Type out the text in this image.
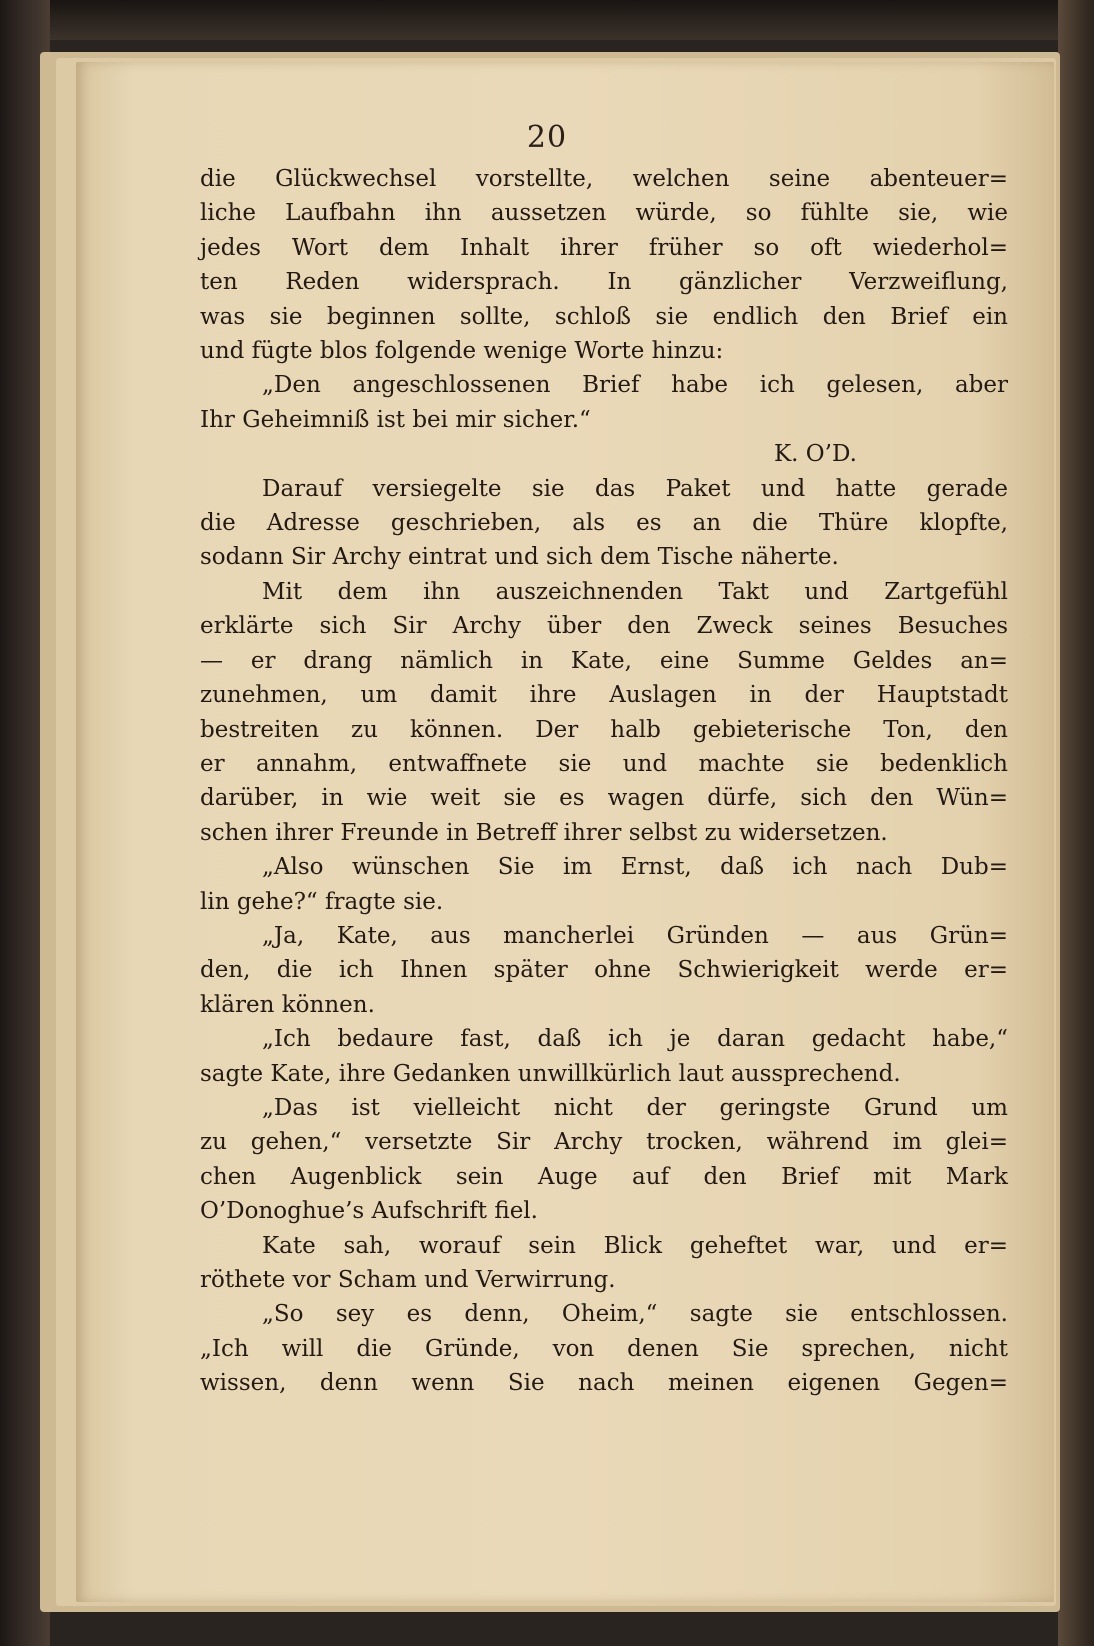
20
die Glückwechsel vorstellte, welchen seine abenteuer=
liche Laufbahn ihn aussetzen würde, so fühlte sie, wie
jedes Wort dem Inhalt ihrer früher so oft wiederhol=
ten Reden widersprach. In gänzlicher Verzweiflung,
was sie beginnen sollte, schloß sie endlich den Brief ein
und fügte blos folgende wenige Worte hinzu:
„Den angeschlossenen Brief habe ich gelesen, aber
Ihr Geheimniß ist bei mir sicher.“
K. O’D.
Darauf versiegelte sie das Paket und hatte gerade
die Adresse geschrieben, als es an die Thüre klopfte,
sodann Sir Archy eintrat und sich dem Tische näherte.
Mit dem ihn auszeichnenden Takt und Zartgefühl
erklärte sich Sir Archy über den Zweck seines Besuches
— er drang nämlich in Kate, eine Summe Geldes an=
zunehmen, um damit ihre Auslagen in der Hauptstadt
bestreiten zu können. Der halb gebieterische Ton, den
er annahm, entwaffnete sie und machte sie bedenklich
darüber, in wie weit sie es wagen dürfe, sich den Wün=
schen ihrer Freunde in Betreff ihrer selbst zu widersetzen.
„Also wünschen Sie im Ernst, daß ich nach Dub=
lin gehe?“ fragte sie.
„Ja, Kate, aus mancherlei Gründen — aus Grün=
den, die ich Ihnen später ohne Schwierigkeit werde er=
klären können.
„Ich bedaure fast, daß ich je daran gedacht habe,“
sagte Kate, ihre Gedanken unwillkürlich laut aussprechend.
„Das ist vielleicht nicht der geringste Grund um
zu gehen,“ versetzte Sir Archy trocken, während im glei=
chen Augenblick sein Auge auf den Brief mit Mark
O’Donoghue’s Aufschrift fiel.
Kate sah, worauf sein Blick geheftet war, und er=
röthete vor Scham und Verwirrung.
„So sey es denn, Oheim,“ sagte sie entschlossen.
„Ich will die Gründe, von denen Sie sprechen, nicht
wissen, denn wenn Sie nach meinen eigenen Gegen=
